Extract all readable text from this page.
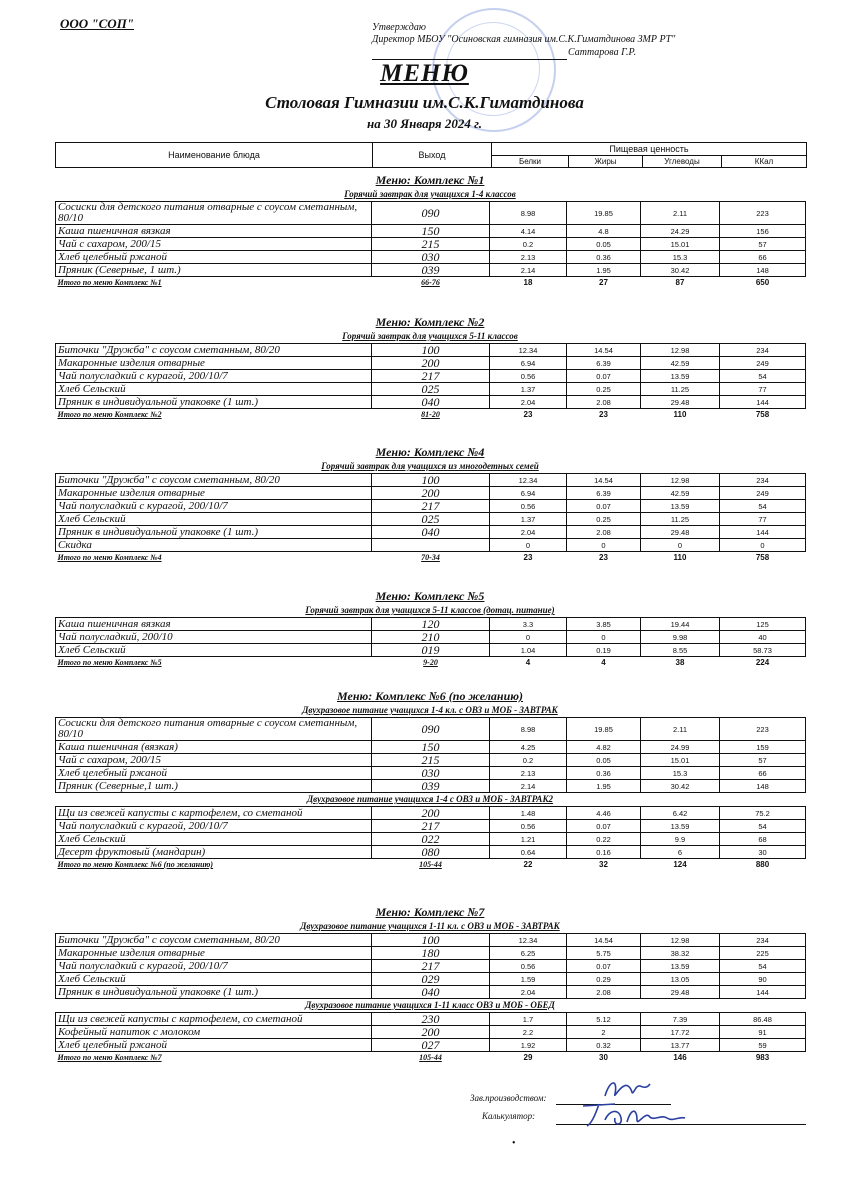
ООО "СОП"	Утверждаю
Директор МБОУ "Осиновская гимназия им.С.К.Гиматдинова ЗМР РТ"
Саттарова Г.Р.
МЕНЮ
Столовая Гимназии им.С.К.Гиматдинова
на 30 Января 2024 г.
Наименование блюда	Выход
Пищевая ценность
Белки	Жиры	Углеводы	ККал
Меню: Комплекс №1
Горячий завтрак для учащихся 1-4 классов
Сосиски для детского питания отварные с соусом сметанным, 80/10	090	8.98	19.85	2.11	223
Каша пшеничная вязкая	150	4.14	4.8	24.29	156
Чай с сахаром, 200/15	215	0.2	0.05	15.01	57
Хлеб целебный ржаной	030	2.13	0.36	15.3	66
Пряник (Северные, 1 шт.)	039	2.14	1.95	30.42	148
Итого по меню Комплекс №1	66-76	18	27	87	650
Меню: Комплекс №2
Горячий завтрак для учащихся 5-11 классов
Биточки "Дружба" с соусом сметанным, 80/20	100	12.34	14.54	12.98	234
Макаронные изделия отварные	200	6.94	6.39	42.59	249
Чай полусладкий с курагой, 200/10/7	217	0.56	0.07	13.59	54
Хлеб Сельский	025	1.37	0.25	11.25	77
Пряник в индивидуальной упаковке (1 шт.)	040	2.04	2.08	29.48	144
Итого по меню Комплекс №2	81-20	23	23	110	758
Меню: Комплекс №4
Горячий завтрак для учащихся из многодетных семей
Биточки "Дружба" с соусом сметанным, 80/20	100	12.34	14.54	12.98	234
Макаронные изделия отварные	200	6.94	6.39	42.59	249
Чай полусладкий с курагой, 200/10/7	217	0.56	0.07	13.59	54
Хлеб Сельский	025	1.37	0.25	11.25	77
Пряник в индивидуальной упаковке (1 шт.)	040	2.04	2.08	29.48	144
Скидка		0	0	0	0
Итого по меню Комплекс №4	70-34	23	23	110	758
Меню: Комплекс №5
Горячий завтрак для учащихся 5-11 классов (дотац. питание)
Каша пшеничная вязкая	120	3.3	3.85	19.44	125
Чай полусладкий, 200/10	210	0	0	9.98	40
Хлеб Сельский	019	1.04	0.19	8.55	58.73
Итого по меню Комплекс №5	9-20	4	4	38	224
Меню: Комплекс №6 (по желанию)
Двухразовое питание учащихся 1-4 кл. с ОВЗ и МОБ - ЗАВТРАК
Сосиски для детского питания отварные с соусом сметанным, 80/10	090	8.98	19.85	2.11	223
Каша пшеничная (вязкая)	150	4.25	4.82	24.99	159
Чай с сахаром, 200/15	215	0.2	0.05	15.01	57
Хлеб целебный ржаной	030	2.13	0.36	15.3	66
Пряник (Северные,1 шт.)	039	2.14	1.95	30.42	148
Двухразовое питание учащихся 1-4 с ОВЗ и МОБ - ЗАВТРАК2
Щи из свежей капусты с картофелем, со сметаной	200	1.48	4.46	6.42	75.2
Чай полусладкий с курагой, 200/10/7	217	0.56	0.07	13.59	54
Хлеб Сельский	022	1.21	0.22	9.9	68
Десерт фруктовый (мандарин)	080	0.64	0.16	6	30
Итого по меню Комплекс №6 (по желанию)	105-44	22	32	124	880
Меню: Комплекс №7
Двухразовое питание учащихся 1-11 кл. с ОВЗ и МОБ - ЗАВТРАК
Биточки "Дружба" с соусом сметанным, 80/20	100	12.34	14.54	12.98	234
Макаронные изделия отварные	180	6.25	5.75	38.32	225
Чай полусладкий с курагой, 200/10/7	217	0.56	0.07	13.59	54
Хлеб Сельский	029	1.59	0.29	13.05	90
Пряник в индивидуальной упаковке (1 шт.)	040	2.04	2.08	29.48	144
Двухразовое питание учащихся 1-11 класс ОВЗ и МОБ - ОБЕД
Щи из свежей капусты с картофелем, со сметаной	230	1.7	5.12	7.39	86.48
Кофейный напиток с молоком	200	2.2	2	17.72	91
Хлеб целебный ржаной	027	1.92	0.32	13.77	59
Итого по меню Комплекс №7	105-44	29	30	146	983
Зав.производством:
Калькулятор:
•
